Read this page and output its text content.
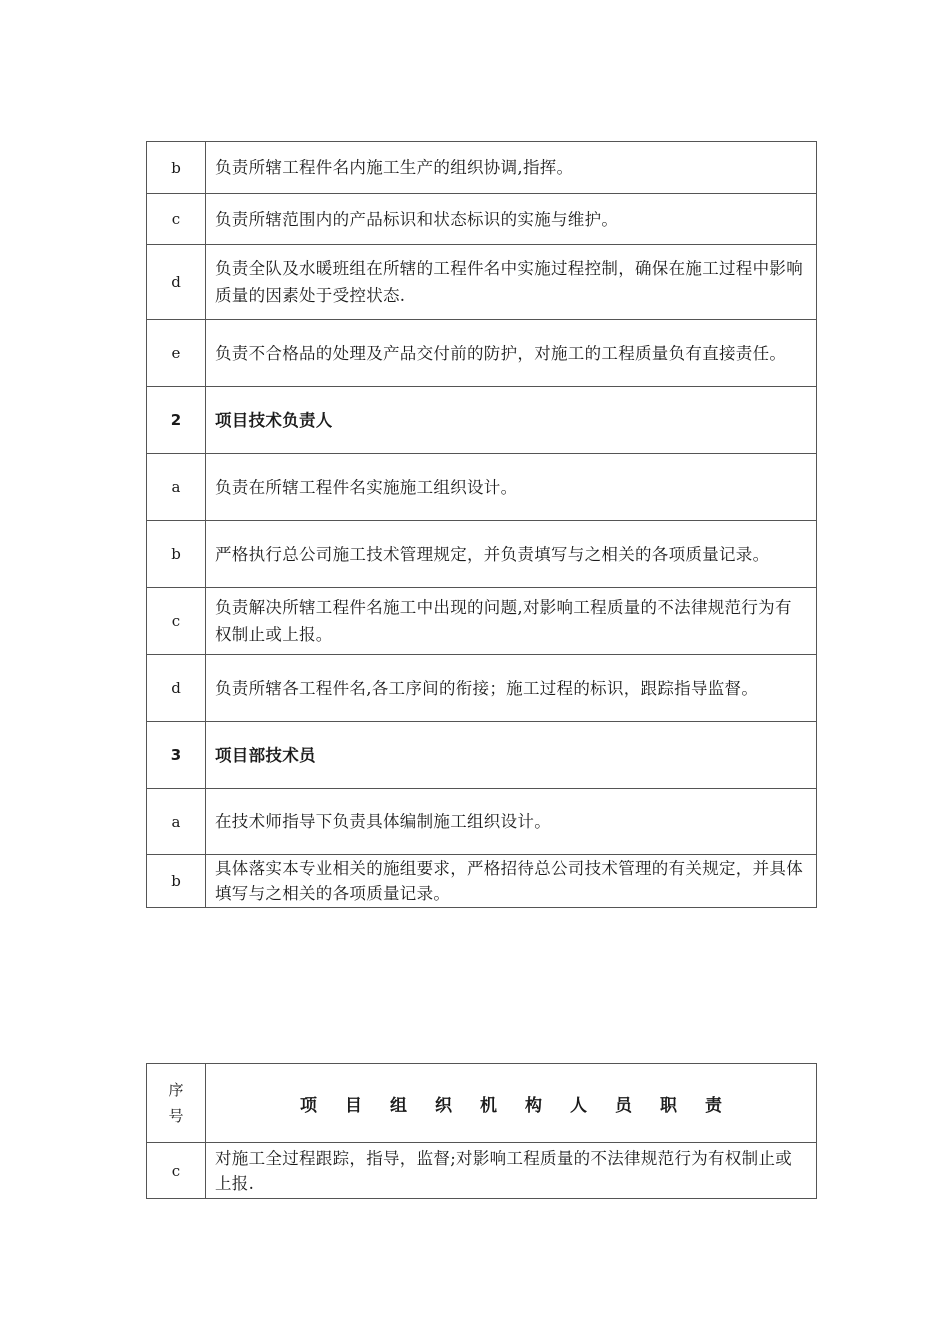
b	负责所辖工程件名内施工生产的组织协调,指挥。
c	负责所辖范围内的产品标识和状态标识的实施与维护。
d	负责全队及水暖班组在所辖的工程件名中实施过程控制，确保在施工过程中影响质量的因素处于受控状态.
e	负责不合格品的处理及产品交付前的防护，对施工的工程质量负有直接责任。
2	项目技术负责人
a	负责在所辖工程件名实施施工组织设计。
b	严格执行总公司施工技术管理规定，并负责填写与之相关的各项质量记录。
c	负责解决所辖工程件名施工中出现的问题,对影响工程质量的不法律规范行为有权制止或上报。
d	负责所辖各工程件名,各工序间的衔接；施工过程的标识，跟踪指导监督。
3	项目部技术员
a	在技术师指导下负责具体编制施工组织设计。
b	具体落实本专业相关的施组要求，严格招待总公司技术管理的有关规定，并具体填写与之相关的各项质量记录。
序
号	项 目 组 织 机 构 人 员 职 责
c	对施工全过程跟踪，指导，监督;对影响工程质量的不法律规范行为有权制止或上报.
